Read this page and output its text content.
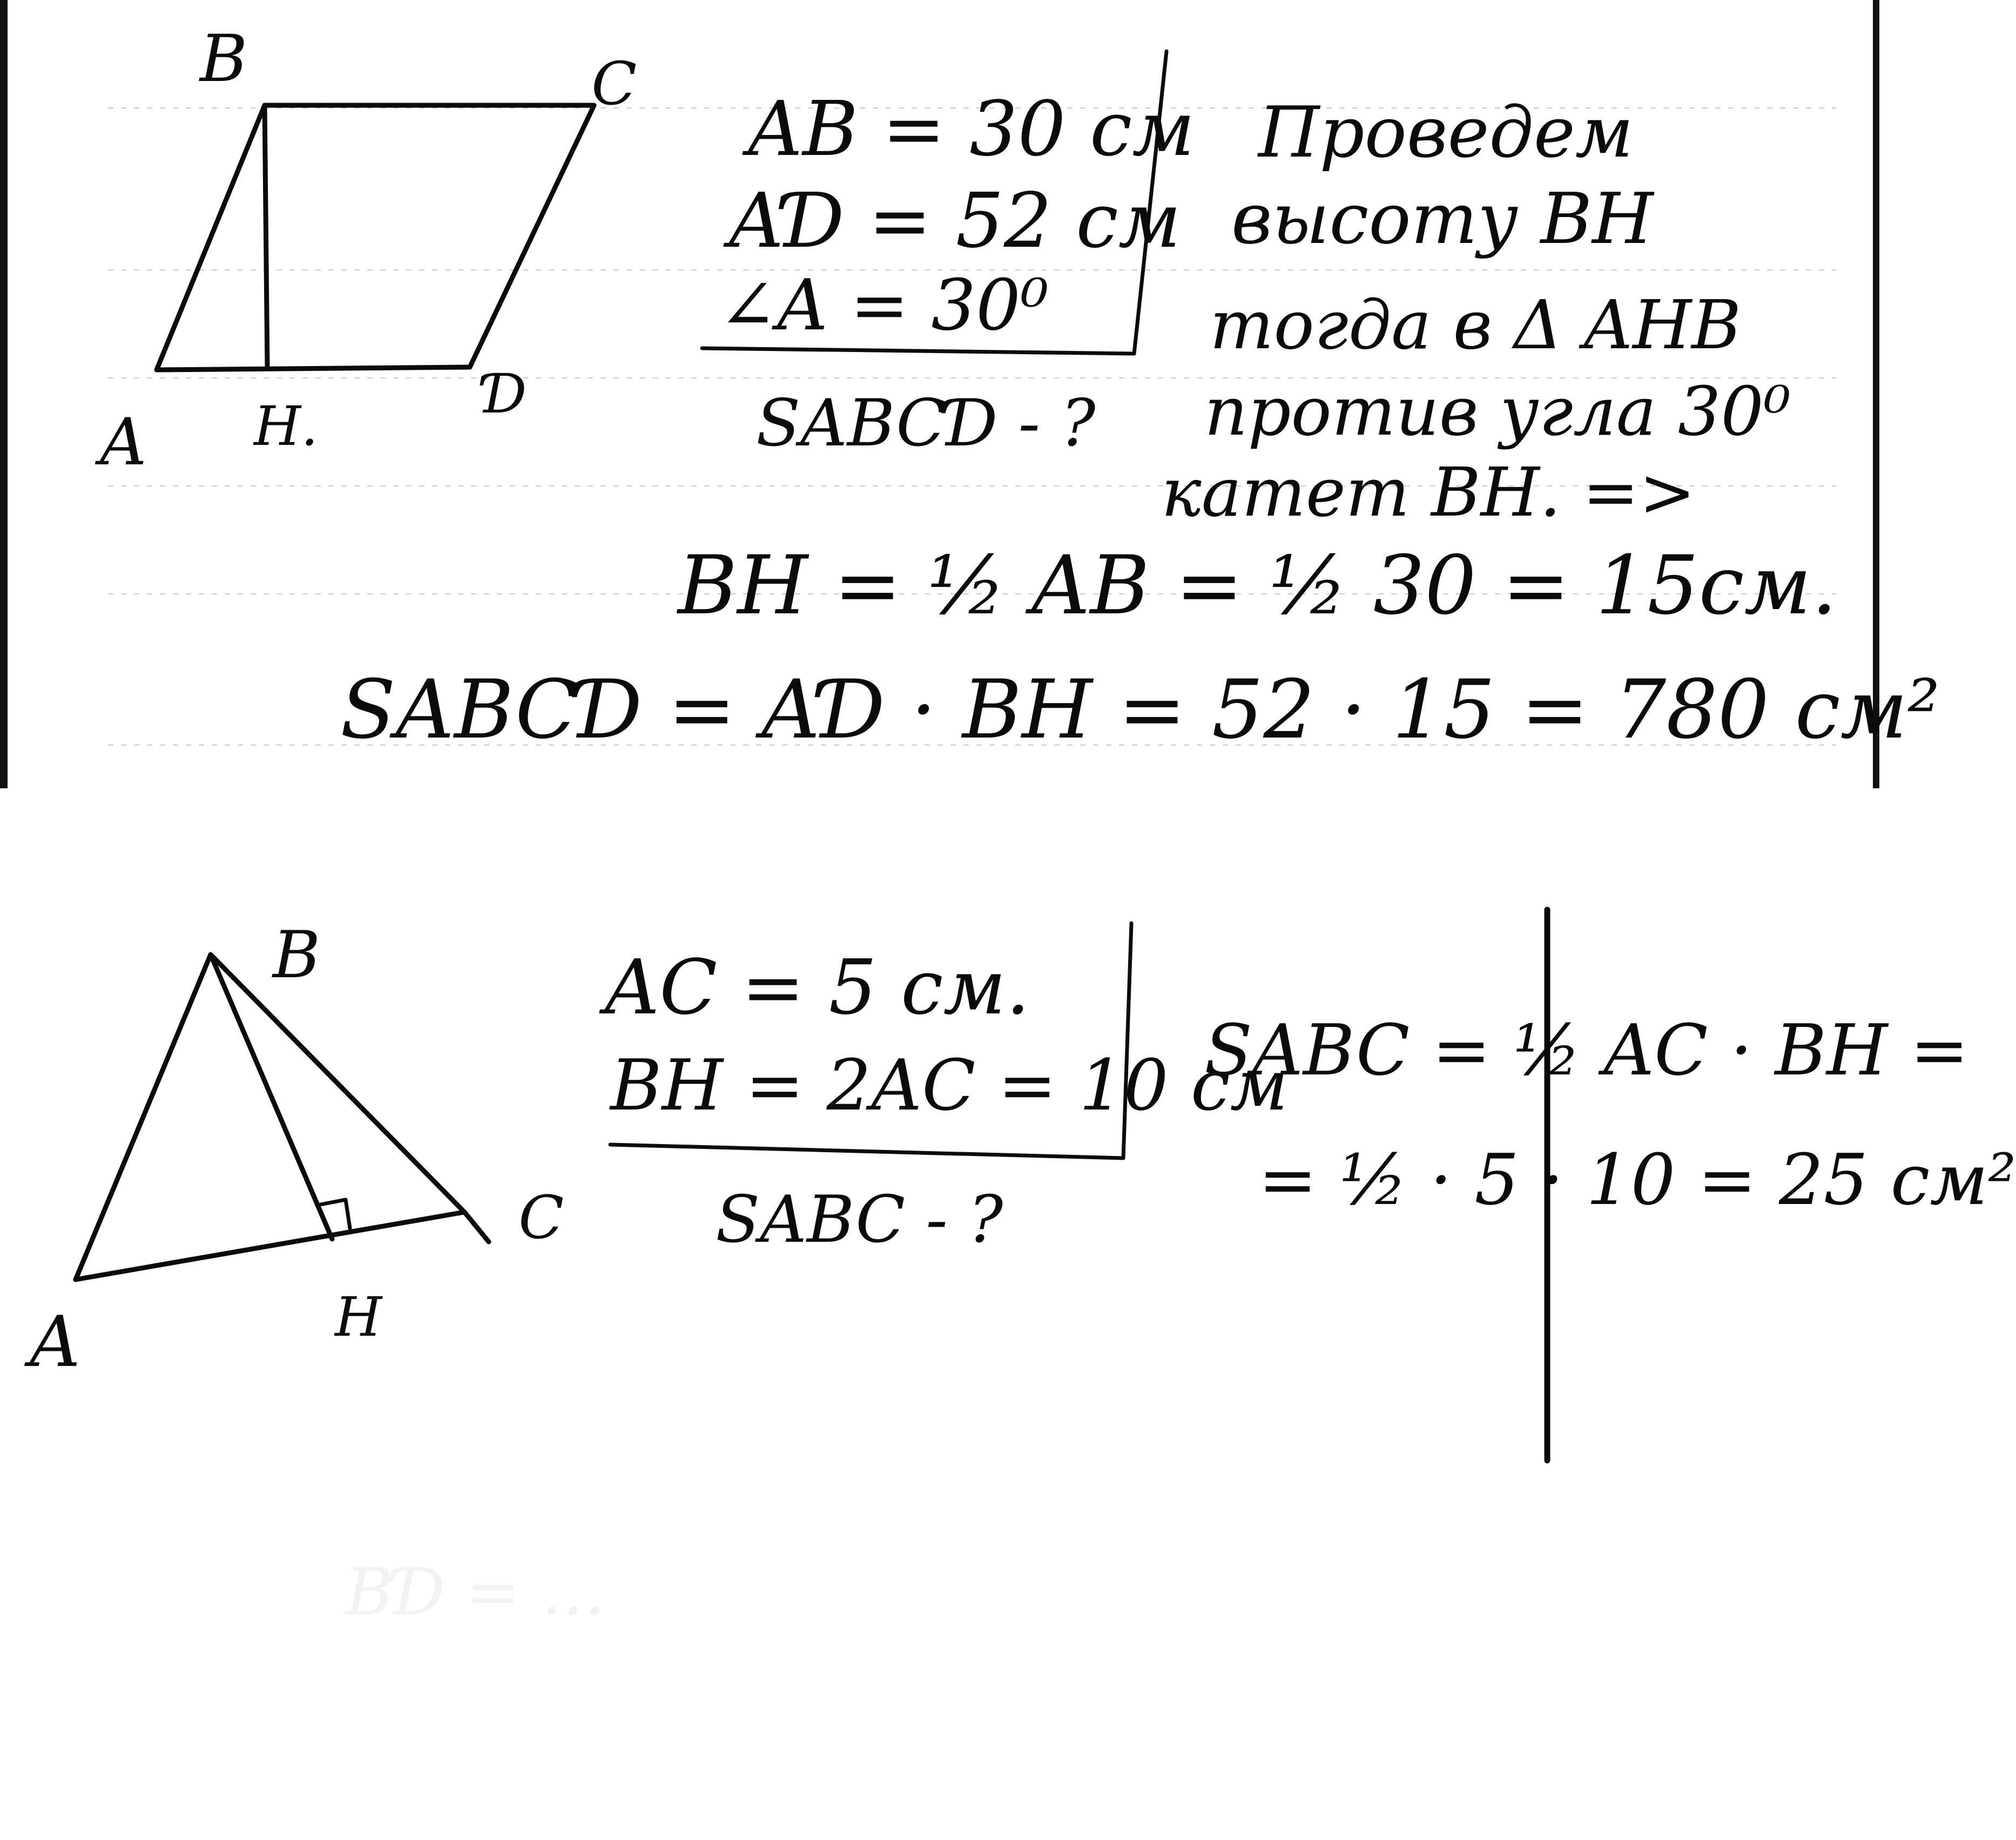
B	C
A H.
Ɗ
AB = 30 см
AƊ = 52 см
∠A = 30⁰
SABCƊ - ?
Проведем
высоту BH
тогда в Δ AHB
против угла 30⁰
катет BH. =>
BH = ½ AB = ½ 30 = 15см.
SABCƊ = AƊ · BH = 52 · 15 = 780 см²
BƊ = …
B
A
C
H
AC = 5 см.
BH = 2AC = 10 см
SABC - ?
SABC = ½ AC · BH =
= ½ · 5 · 10 = 25 см²
